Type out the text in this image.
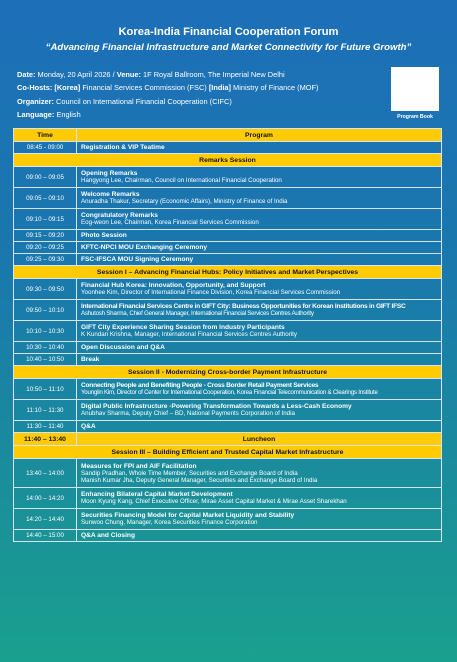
Korea-India Financial Cooperation Forum
“Advancing Financial Infrastructure and Market Connectivity for Future Growth”
Date: Monday, 20 April 2026 / Venue: 1F Royal Ballroom, The Imperial New Delhi
Co-Hosts: [Korea] Financial Services Commission (FSC) [India] Ministry of Finance (MOF)
Organizer: Council on International Financial Cooperation (CIFC)
Language: English	Program Book
Time	Program
08:45 - 09:00	Registration & VIP Teatime

Remarks Session	
09:00 – 09:05	Opening Remarks
Hangyong Lee, Chairman, Council on International Financial Cooperation

09:05 – 09:10	Welcome Remarks
Anuradha Thakur, Secretary (Economic Affairs), Ministry of Finance of India

09:10 – 09:15	Congratulatory Remarks
Eog-weon Lee, Chairman, Korea Financial Services Commission

09:15 – 09:20	Photo Session

09:20 – 09:25	KFTC-NPCI MOU Exchanging Ceremony

09:25 – 09:30	FSC-IFSCA MOU Signing Ceremony

Session I – Advancing Financial Hubs: Policy Initiatives and Market Perspectives	
09:30 – 09:50	Financial Hub Korea: Innovation, Opportunity, and Support
Yoonhee Kim, Director of International Finance Division, Korea Financial Services Commission

09:50 – 10:10	International Financial Services Centre in GIFT City: Business Opportunities for Korean Institutions in GIFT IFSC
Ashutosh Sharma, Chief General Manager, International Financial Services Centres Authority

10:10 – 10:30	GIFT City Experience Sharing Session from Industry Participants
K Kundan Krishna, Manager, International Financial Services Centres Authority

10:30 – 10:40	Open Discussion and Q&A

10:40 – 10:50	Break

Session II - Modernizing Cross-border Payment Infrastructure	
10:50 – 11:10	Connecting People and Benefiting People - Cross Border Retail Payment Services
Younglin Kim, Director of Center for International Cooperation, Korea Financial Telecommunication & Clearings Institute

11:10 – 11:30	Digital Public Infrastructure -Powering Transformation Towards a Less-Cash Economy
Anubhav Sharma, Deputy Chief – BD, National Payments Corporation of India

11:30 – 11:40	Q&A

11:40 – 13:40	Luncheon
Session III – Building Efficient and Trusted Capital Market Infrastructure	
13:40 – 14:00	Measures for FPI and AIF Facilitation
Sandip Pradhan, Whole Time Member, Securities and Exchange Board of India
Manish Kumar Jha, Deputy General Manager, Securities and Exchange Board of India

14:00 – 14:20	Enhancing Bilateral Capital Market Development
Moon Kyung Kang, Chief Executive Officer, Mirae Asset Capital Market & Mirae Asset Sharekhan

14:20 – 14:40	Securities Financing Model for Capital Market Liquidity and Stability
Sunwoo Chung, Manager, Korea Securities Finance Corporation

14:40 – 15:00	Q&A and Closing
